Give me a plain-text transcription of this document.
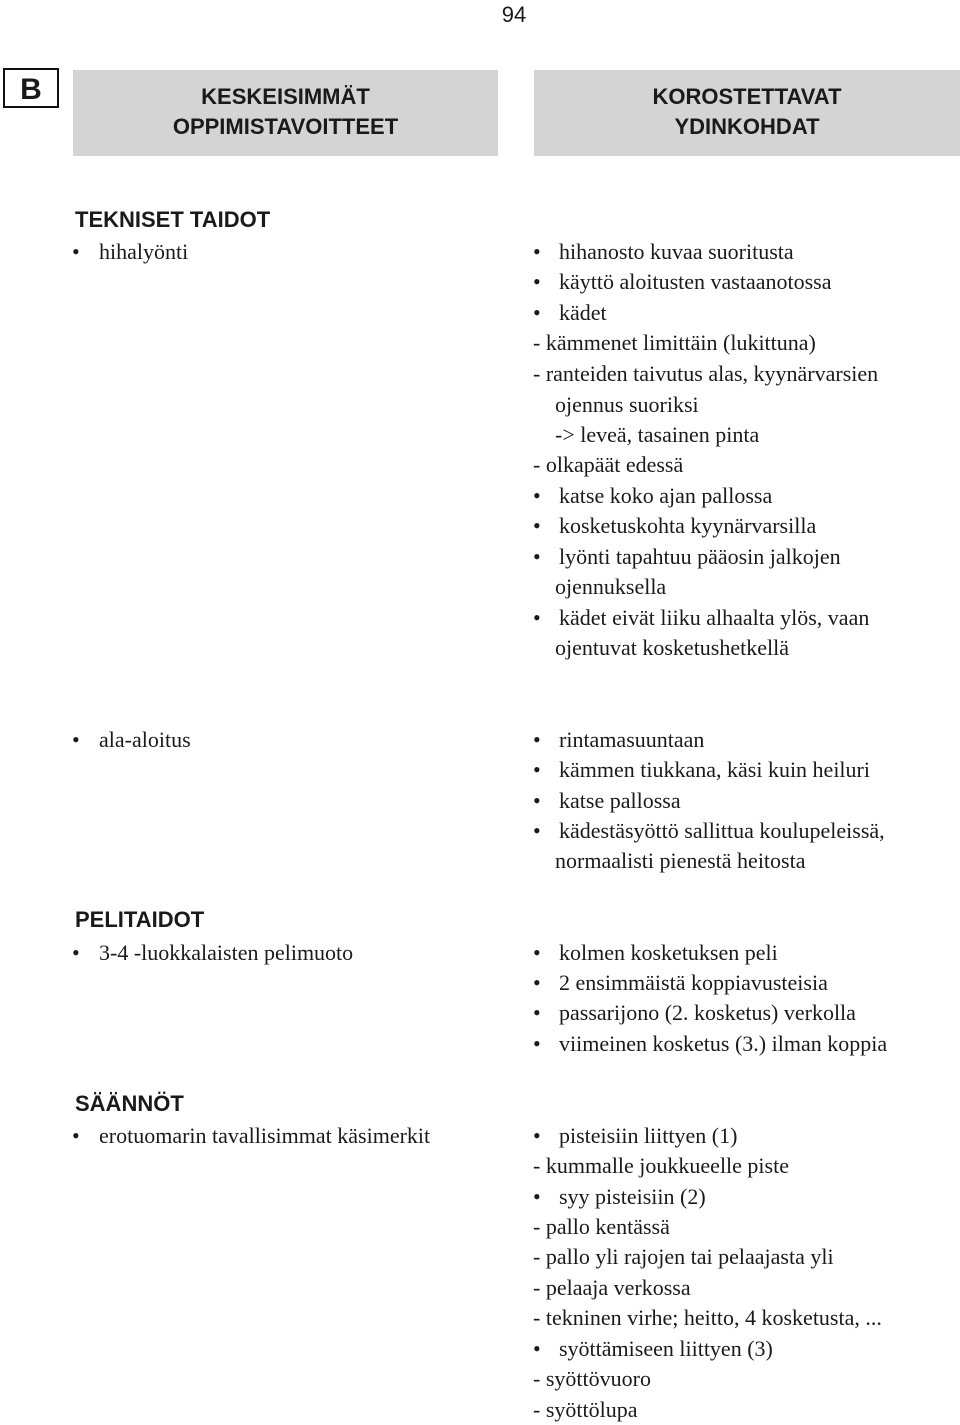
94
B	KESKEISIMMÄT
OPPIMISTAVOITTEET
KOROSTETTAVAT
YDINKOHDAT
TEKNISET TAIDOT
• hihalyönti	• hihanosto kuvaa suoritusta
• käyttö aloitusten vastaanotossa
• kädet
- kämmenet limittäin (lukittuna)
- ranteiden taivutus alas, kyynärvarsien
ojennus suoriksi
-> leveä, tasainen pinta
- olkapäät edessä
• katse koko ajan pallossa
• kosketuskohta kyynärvarsilla
• lyönti tapahtuu pääosin jalkojen
ojennuksella
• kädet eivät liiku alhaalta ylös, vaan
ojentuvat kosketushetkellä
• ala-aloitus	• rintamasuuntaan
• kämmen tiukkana, käsi kuin heiluri
• katse pallossa
• kädestäsyöttö sallittua koulupeleissä,
normaalisti pienestä heitosta
PELITAIDOT
• 3-4 -luokkalaisten pelimuoto	• kolmen kosketuksen peli
• 2 ensimmäistä koppiavusteisia
• passarijono (2. kosketus) verkolla
• viimeinen kosketus (3.) ilman koppia
SÄÄNNÖT
• erotuomarin tavallisimmat käsimerkit	• pisteisiin liittyen (1)
- kummalle joukkueelle piste
• syy pisteisiin (2)
- pallo kentässä
- pallo yli rajojen tai pelaajasta yli
- pelaaja verkossa
- tekninen virhe; heitto, 4 kosketusta, ...
• syöttämiseen liittyen (3)
- syöttövuoro
- syöttölupa
